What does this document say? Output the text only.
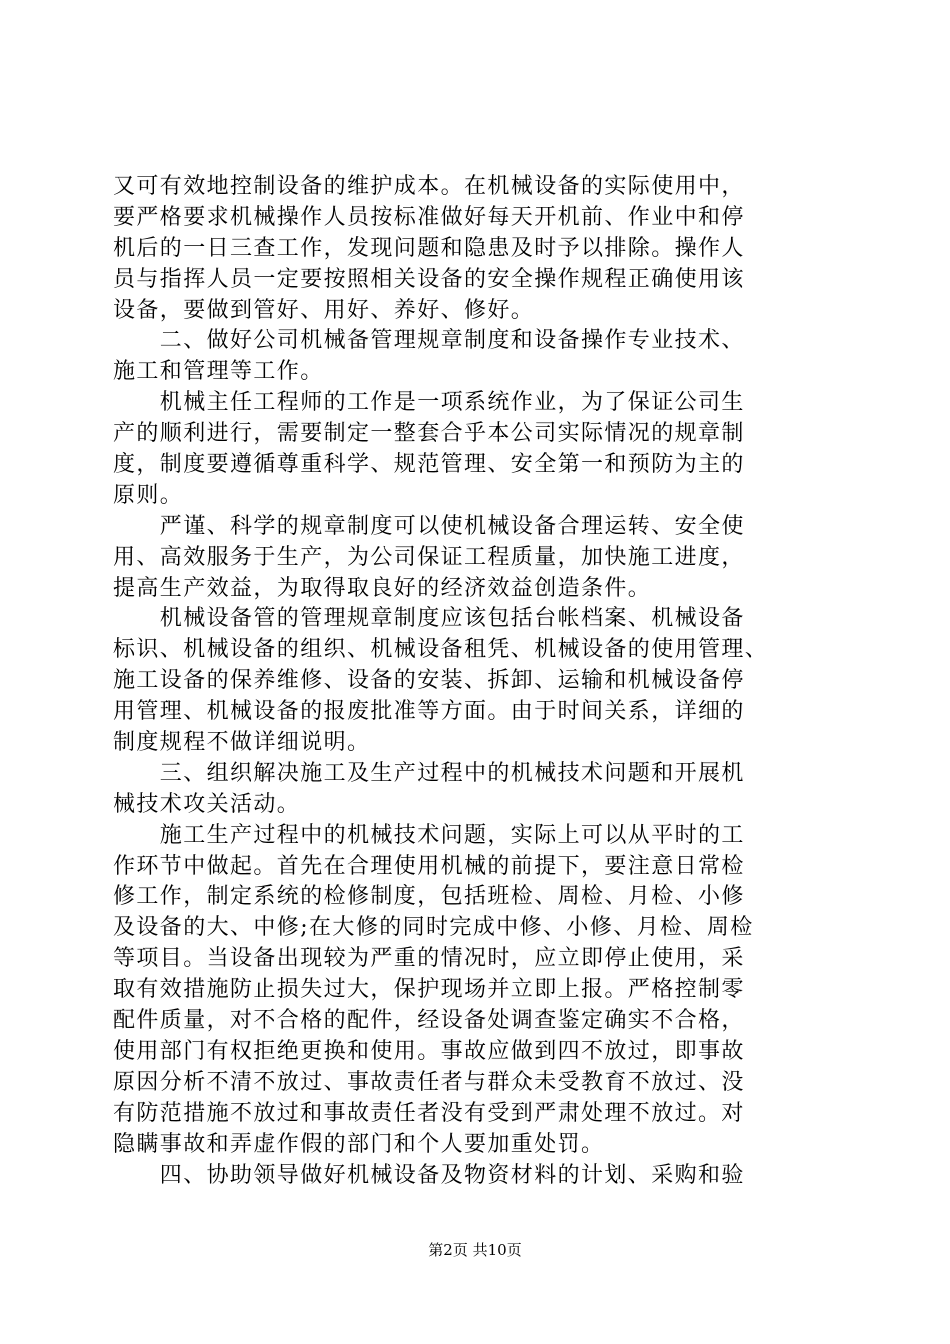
又可有效地控制设备的维护成本。在机械设备的实际使用中，
要严格要求机械操作人员按标准做好每天开机前、作业中和停
机后的一日三查工作，发现问题和隐患及时予以排除。操作人
员与指挥人员一定要按照相关设备的安全操作规程正确使用该
设备，要做到管好、用好、养好、修好。
　　二、做好公司机械备管理规章制度和设备操作专业技术、
施工和管理等工作。
　　机械主任工程师的工作是一项系统作业，为了保证公司生
产的顺利进行，需要制定一整套合乎本公司实际情况的规章制
度，制度要遵循尊重科学、规范管理、安全第一和预防为主的
原则。
　　严谨、科学的规章制度可以使机械设备合理运转、安全使
用、高效服务于生产，为公司保证工程质量，加快施工进度，
提高生产效益，为取得取良好的经济效益创造条件。
　　机械设备管的管理规章制度应该包括台帐档案、机械设备
标识、机械设备的组织、机械设备租凭、机械设备的使用管理、
施工设备的保养维修、设备的安装、拆卸、运输和机械设备停
用管理、机械设备的报废批准等方面。由于时间关系，详细的
制度规程不做详细说明。
　　三、组织解决施工及生产过程中的机械技术问题和开展机
械技术攻关活动。
　　施工生产过程中的机械技术问题，实际上可以从平时的工
作环节中做起。首先在合理使用机械的前提下，要注意日常检
修工作，制定系统的检修制度，包括班检、周检、月检、小修
及设备的大、中修;在大修的同时完成中修、小修、月检、周检
等项目。当设备出现较为严重的情况时，应立即停止使用，采
取有效措施防止损失过大，保护现场并立即上报。严格控制零
配件质量，对不合格的配件，经设备处调查鉴定确实不合格，
使用部门有权拒绝更换和使用。事故应做到四不放过，即事故
原因分析不清不放过、事故责任者与群众未受教育不放过、没
有防范措施不放过和事故责任者没有受到严肃处理不放过。对
隐瞒事故和弄虚作假的部门和个人要加重处罚。
　　四、协助领导做好机械设备及物资材料的计划、采购和验
第2页 共10页
